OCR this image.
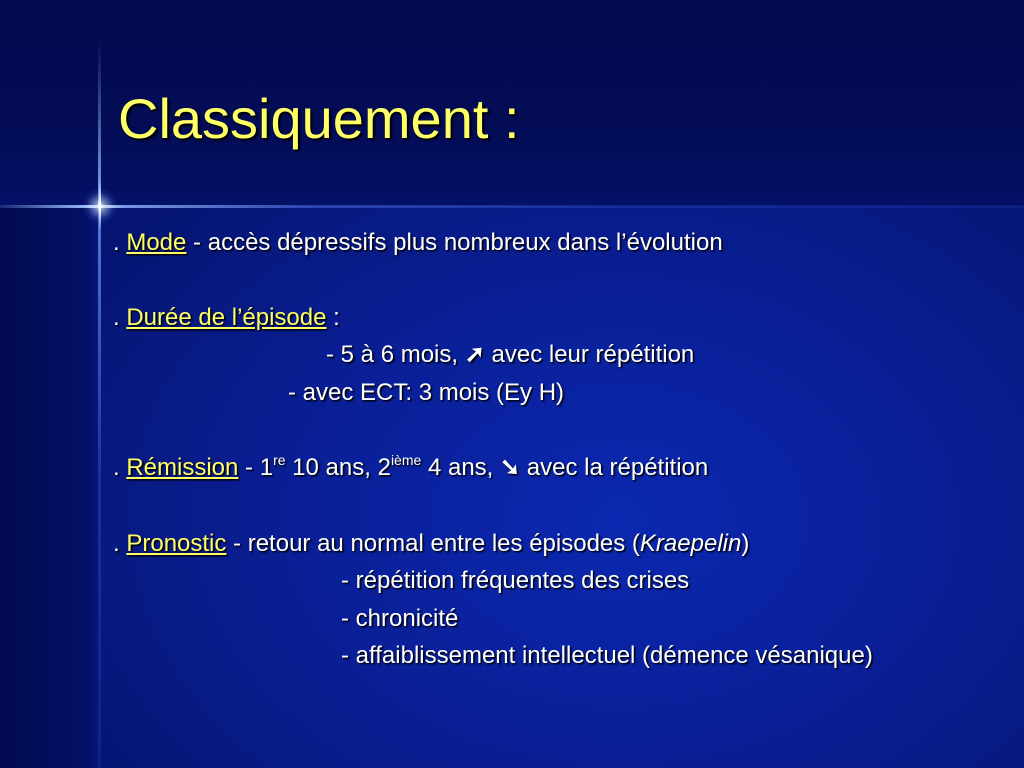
Classiquement :
. Mode - accès dépressifs plus nombreux dans l’évolution
. Durée de l’épisode :
- 5 à 6 mois, ➚ avec leur répétition
- avec ECT: 3 mois (Ey H)
. Rémission - 1re 10 ans, 2ième 4 ans, ➘ avec la répétition
. Pronostic - retour au normal entre les épisodes (Kraepelin)
- répétition fréquentes des crises
- chronicité
- affaiblissement intellectuel (démence vésanique)
